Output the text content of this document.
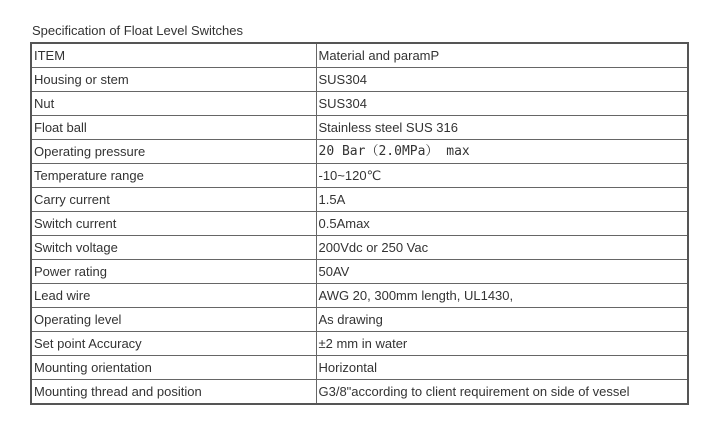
Specification of Float Level Switches
ITEM	Material and paramP
Housing or stem	SUS304
Nut	SUS304
Float ball	Stainless steel SUS 316
Operating pressure	20 Bar（2.0MPa） max
Temperature range	-10~120℃
Carry current	1.5A
Switch current	0.5Amax
Switch voltage	200Vdc or 250 Vac
Power rating	50AV
Lead wire	AWG 20, 300mm length, UL1430,
Operating level	As drawing
Set point Accuracy	±2 mm in water
Mounting orientation	Horizontal
Mounting thread and position	G3/8"according to client requirement on side of vessel
